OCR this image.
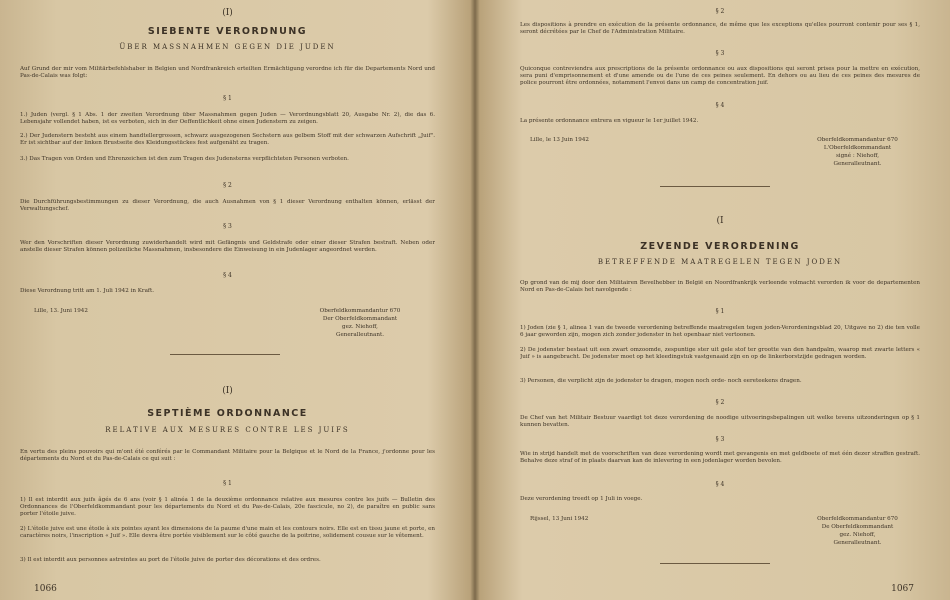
(I)

SIEBENTE VERORDNUNG

ÜBER MASSNAHMEN GEGEN DIE JUDEN

Auf Grund der mir vom Militärbefehlshaber in Belgien und Nordfrankreich erteilten Ermächtigung verordne ich für die Departements Nord und Pas-de-Calais was folgt:

§ 1

1.) Juden (vergl. § 1 Abs. 1 der zweiten Verordnung über Massnahmen gegen Juden — Verordnungsblatt 20, Ausgabe Nr. 2), die das 6. Lebensjahr vollendet haben, ist es verboten, sich in der Oeffentlichkeit ohne einen Judenstern zu zeigen.

2.) Der Judenstern besteht aus einem handtellergrossen, schwarz ausgezogenen Sechstern aus gelbem Stoff mit der schwarzen Aufschrift „Juif". Er ist sichtbar auf der linken Brustseite des Kleidungsstückes fest aufgenäht zu tragen.

3.) Das Tragen von Orden und Ehrenzeichen ist den zum Tragen des Judensterns verpflichteten Personen verboten.

§ 2

Die Durchführungsbestimmungen zu dieser Verordnung, die auch Ausnahmen von § 1 dieser Verordnung enthalten können, erlässt der Verwaltungschef.

§ 3

Wer den Vorschriften dieser Verordnung zuwiderhandelt wird mit Gefängnis und Geldstrafe oder einer dieser Strafen bestraft. Neben oder anstelle dieser Strafen können polizeiliche Massnahmen, insbesondere die Einweisung in ein Judenlager angeordnet werden.

§ 4

Diese Verordnung tritt am 1. Juli 1942 in Kraft.

Lille, 13. Juni 1942	Oberfeldkommandantur 670
Der Oberfeldkommandant
gez. Niehoff,
Generalleutnant.

(I)

SEPTIÈME ORDONNANCE

RELATIVE AUX MESURES CONTRE LES JUIFS

En vertu des pleins pouvoirs qui m'ont été conférés par le Commandant Militaire pour la Belgique et le Nord de la France, j'ordonne pour les départements du Nord et du Pas-de-Calais ce qui suit :

§ 1

1) Il est interdit aux juifs âgés de 6 ans (voir § 1 alinéa 1 de la deuxième ordonnance relative aux mesures contre les juifs — Bulletin des Ordonnances de l'Oberfeldkommandant pour les départements du Nord et du Pas-de-Calais, 20e fascicule, no 2), de paraître en public sans porter l'étoile juive.

2) L'étoile juive est une étoile à six pointes ayant les dimensions de la paume d'une main et les contours noirs. Elle est en tissu jaune et porte, en caractères noirs, l'inscription « Juif ». Elle devra être portée visiblement sur le côté gauche de la poitrine, solidement cousue sur le vêtement.

3) Il est interdit aux personnes astreintes au port de l'étoile juive de porter des décorations et des ordres.

1066

§ 2

Les dispositions à prendre en exécution de la présente ordonnance, de même que les exceptions qu'elles pourront contenir pour ses § 1, seront décrétées par le Chef de l'Administration Militaire.

§ 3

Quiconque contreviendra aux prescriptions de la présente ordonnance ou aux dispositions qui seront prises pour la mettre en exécution, sera puni d'emprisonnement et d'une amende ou de l'une de ces peines seulement. En dehors ou au lieu de ces peines des mesures de police pourront être ordonnées, notamment l'envoi dans un camp de concentration juif.

§ 4

La présente ordonnance entrera en vigueur le 1er juillet 1942.

Lille, le 13 Juin 1942	Oberfeldkommandantur 670
L'Oberfeldkommandant
signé : Niehoff,
Generalleutnant.

(I

ZEVENDE VERORDENING

BETREFFENDE MAATREGELEN TEGEN JODEN

Op grond van de mij door den Militairen Bevelhebber in België en Noordfrankrijk verleende volmacht verorden ik voor de departementen Nord en Pas-de-Calais het navolgende :

§ 1

1) Joden (zie § 1, alinea 1 van de tweede verordening betreffende maatregelen tegen joden-Verordeningsblad 20, Uitgave no 2) die ten volle 6 jaar geworden zijn, mogen zich zonder jodenster in het openbaar niet vertoonen.

2) De jodenster bestaat uit een zwart omzoomde, zespuntige ster uit gele stof ter grootte van den handpalm, waarop met zwarte letters « Juif » is aangebracht. De jodenster moet op het kleedingstuk vastgenaaid zijn en op de linkerborstzijde gedragen worden.

3) Personen, die verplicht zijn de jodenster te dragen, mogen noch orde- noch eereteekens dragen.

§ 2

De Chef van het Militair Bestuur vaardigt tot deze verordening de noodige uitvoeringsbepalingen uit welke tevens uitzonderingen op § 1 kunnen bevatten.

§ 3

Wie in strijd handelt met de voorschriften van deze verordening wordt met gevangenis en met geldboete of met één dezer straffen gestraft. Behalve deze straf of in plaats daarvan kan de inlevering in een jodenlager worden bevolen.

§ 4

Deze verordening treedt op 1 Juli in voege.

Rijssel, 13 Juni 1942	Oberfeldkommandantur 670
De Oberfeldkommandant
gez. Niehoff,
Generalleutnant.
1067
